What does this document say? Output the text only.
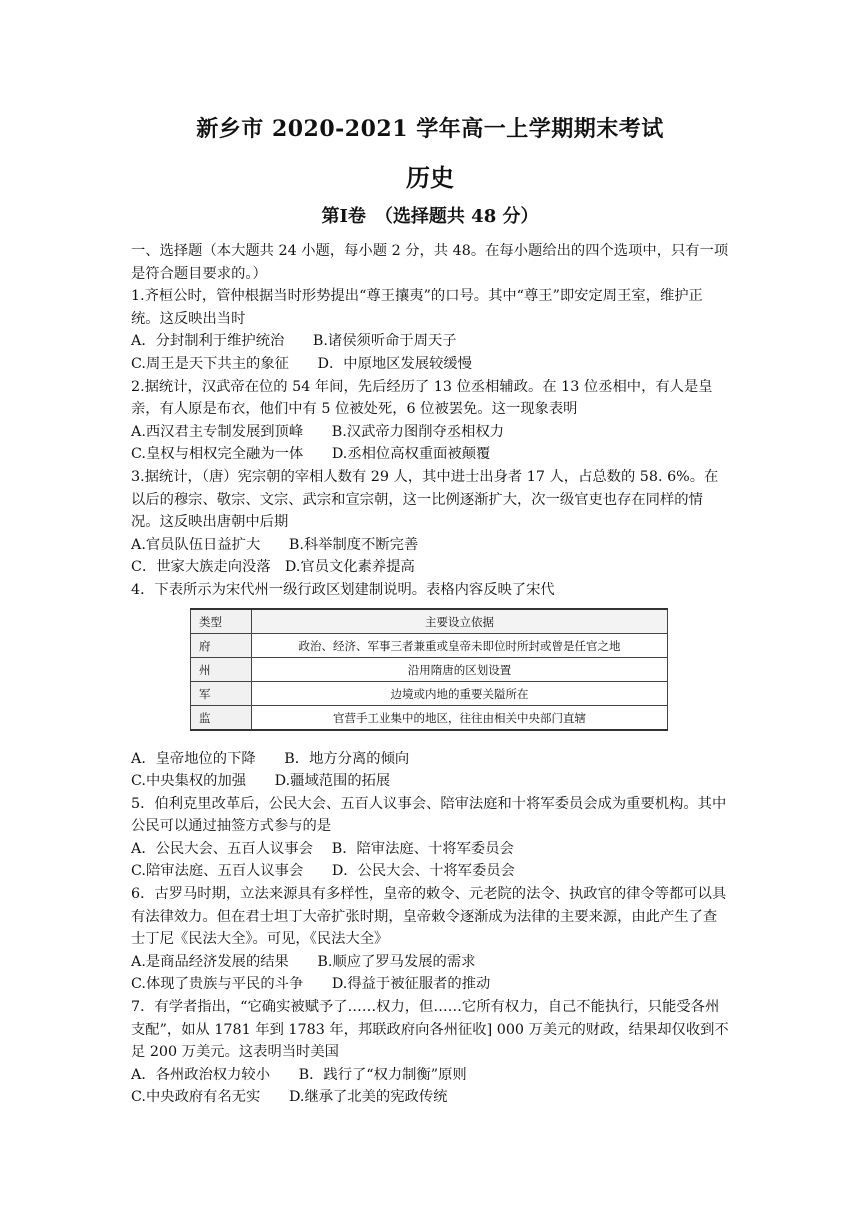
新乡市 2020-2021 学年高一上学期期末考试
历史
第Ⅰ卷　（选择题共 48 分）

一、选择题（本大题共 24 小题，每小题 2 分，共 48。在每小题给出的四个选项中，只有一项是符合题目要求的。）

1.齐桓公时，管仲根据当时形势提出“尊王攘夷”的口号。其中“尊王”即安定周王室，维护正统。这反映出当时

A．分封制利于维护统治　　B.诸侯须听命于周天子

C.周王是天下共主的象征　　D．中原地区发展较缓慢

2.据统计，汉武帝在位的 54 年间，先后经历了 13 位丞相辅政。在 13 位丞相中，有人是皇亲，有人原是布衣，他们中有 5 位被处死，6 位被罢免。这一现象表明

A.西汉君主专制发展到顶峰　　B.汉武帝力图削夺丞相权力

C.皇权与相权完全融为一体　　D.丞相位高权重面被颠覆

3.据统计，（唐）宪宗朝的宰相人数有 29 人，其中进士出身者 17 人，占总数的 58. 6%。在以后的穆宗、敬宗、文宗、武宗和宣宗朝，这一比例逐渐扩大，次一级官吏也存在同样的情况。这反映出唐朝中后期

A.官员队伍日益扩大　　B.科举制度不断完善

C．世家大族走向没落　D.官员文化素养提高

4．下表所示为宋代州一级行政区划建制说明。表格内容反映了宋代

A．皇帝地位的下降　　B．地方分离的倾向

C.中央集权的加强　　D.疆域范围的拓展

5．伯利克里改革后，公民大会、五百人议事会、陪审法庭和十将军委员会成为重要机构。其中公民可以通过抽签方式参与的是

A．公民大会、五百人议事会　 B．陪审法庭、十将军委员会

C.陪审法庭、五百人议事会　　D．公民大会、十将军委员会

6．古罗马时期，立法来源具有多样性，皇帝的敕令、元老院的法令、执政官的律令等都可以具有法律效力。但在君士坦丁大帝扩张时期，皇帝敕令逐渐成为法律的主要来源，由此产生了查士丁尼《民法大全》。可见，《民法大全》

A.是商品经济发展的结果　　B.顺应了罗马发展的需求

C.体现了贵族与平民的斗争　　D.得益于被征服者的推动

7．有学者指出，“它确实被赋予了……权力，但……它所有权力，自己不能执行，只能受各州支配”，如从 1781 年到 1783 年，邦联政府向各州征收] 000 万美元的财政，结果却仅收到不足 200 万美元。这表明当时美国

A．各州政治权力较小　　B．践行了“权力制衡”原则

C.中央政府有名无实　　D.继承了北美的宪政传统

类型	主要设立依据
府	政治、经济、军事三者兼重或皇帝未即位时所封或曾是任官之地
州	沿用隋唐的区划设置
军	边境或内地的重要关隘所在
监	官营手工业集中的地区，往往由相关中央部门直辖
